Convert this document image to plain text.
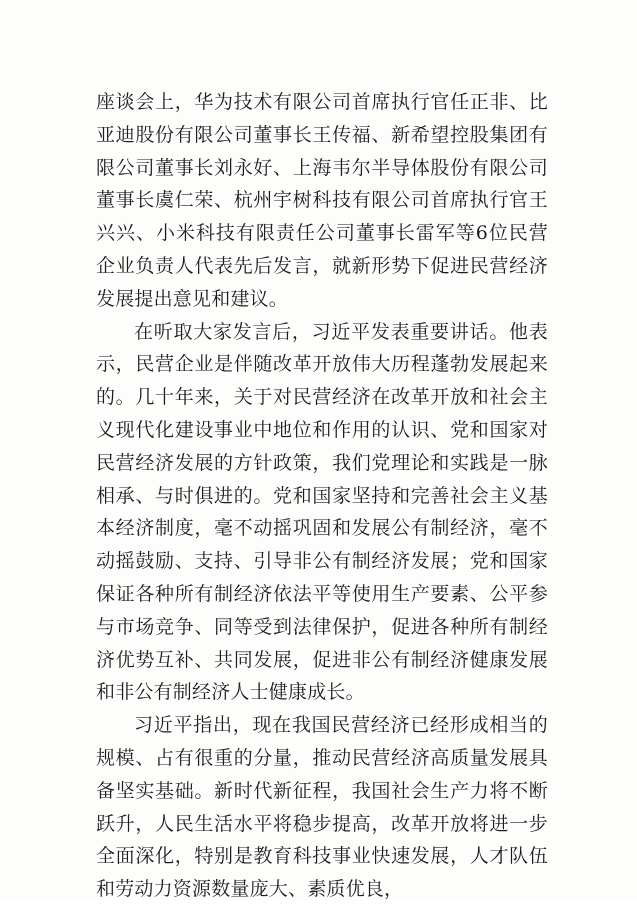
座谈会上，华为技术有限公司首席执行官任正非、比亚迪股份有限公司董事长王传福、新希望控股集团有限公司董事长刘永好、上海韦尔半导体股份有限公司董事长虞仁荣、杭州宇树科技有限公司首席执行官王兴兴、小米科技有限责任公司董事长雷军等6位民营企业负责人代表先后发言，就新形势下促进民营经济发展提出意见和建议。

在听取大家发言后，习近平发表重要讲话。他表示，民营企业是伴随改革开放伟大历程蓬勃发展起来的。几十年来，关于对民营经济在改革开放和社会主义现代化建设事业中地位和作用的认识、党和国家对民营经济发展的方针政策，我们党理论和实践是一脉相承、与时俱进的。党和国家坚持和完善社会主义基本经济制度，毫不动摇巩固和发展公有制经济，毫不动摇鼓励、支持、引导非公有制经济发展；党和国家保证各种所有制经济依法平等使用生产要素、公平参与市场竞争、同等受到法律保护，促进各种所有制经济优势互补、共同发展，促进非公有制经济健康发展和非公有制经济人士健康成长。

习近平指出，现在我国民营经济已经形成相当的规模、占有很重的分量，推动民营经济高质量发展具备坚实基础。新时代新征程，我国社会生产力将不断跃升，人民生活水平将稳步提高，改革开放将进一步全面深化，特别是教育科技事业快速发展，人才队伍和劳动力资源数量庞大、素质优良，
